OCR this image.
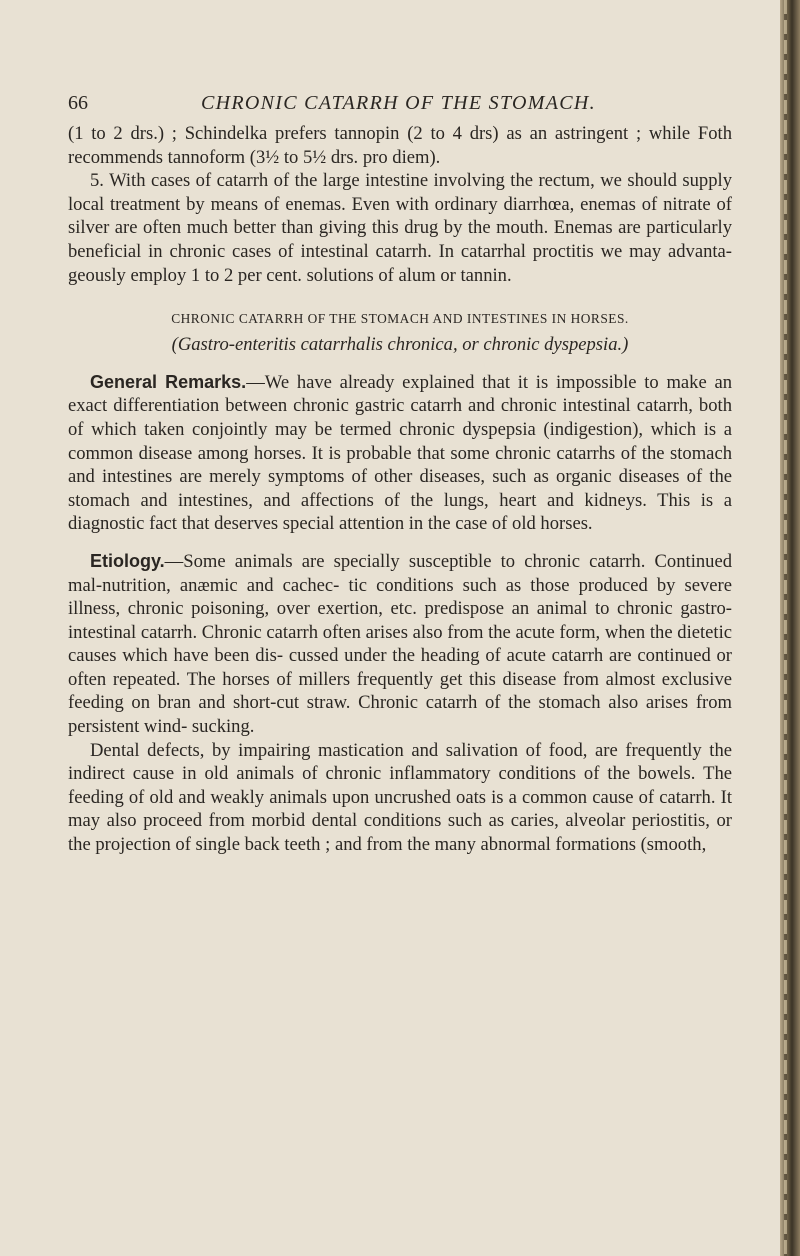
66	CHRONIC CATARRH OF THE STOMACH.

(1 to 2 drs.) ; Schindelka prefers tannopin (2 to 4 drs) as an astringent ; while Foth recommends tannoform (3½ to 5½ drs. pro diem).

5. With cases of catarrh of the large intestine involving the rectum, we should supply local treatment by means of enemas. Even with ordinary diarrhœa, enemas of nitrate of silver are often much better than giving this drug by the mouth. Enemas are particularly beneficial in chronic cases of intestinal catarrh. In catarrhal proctitis we may advanta- geously employ 1 to 2 per cent. solutions of alum or tannin.

CHRONIC CATARRH OF THE STOMACH AND INTESTINES IN HORSES.

(Gastro-enteritis catarrhalis chronica, or chronic dyspepsia.)

General Remarks.—We have already explained that it is impossible to make an exact differentiation between chronic gastric catarrh and chronic intestinal catarrh, both of which taken conjointly may be termed chronic dyspepsia (indigestion), which is a common disease among horses. It is probable that some chronic catarrhs of the stomach and intestines are merely symptoms of other diseases, such as organic diseases of the stomach and intestines, and affections of the lungs, heart and kidneys. This is a diagnostic fact that deserves special attention in the case of old horses.

Etiology.—Some animals are specially susceptible to chronic catarrh. Continued mal-nutrition, anæmic and cachec- tic conditions such as those produced by severe illness, chronic poisoning, over exertion, etc. predispose an animal to chronic gastro-intestinal catarrh. Chronic catarrh often arises also from the acute form, when the dietetic causes which have been dis- cussed under the heading of acute catarrh are continued or often repeated. The horses of millers frequently get this disease from almost exclusive feeding on bran and short-cut straw. Chronic catarrh of the stomach also arises from persistent wind- sucking.

Dental defects, by impairing mastication and salivation of food, are frequently the indirect cause in old animals of chronic inflammatory conditions of the bowels. The feeding of old and weakly animals upon uncrushed oats is a common cause of catarrh. It may also proceed from morbid dental conditions such as caries, alveolar periostitis, or the projection of single back teeth ; and from the many abnormal formations (smooth,
